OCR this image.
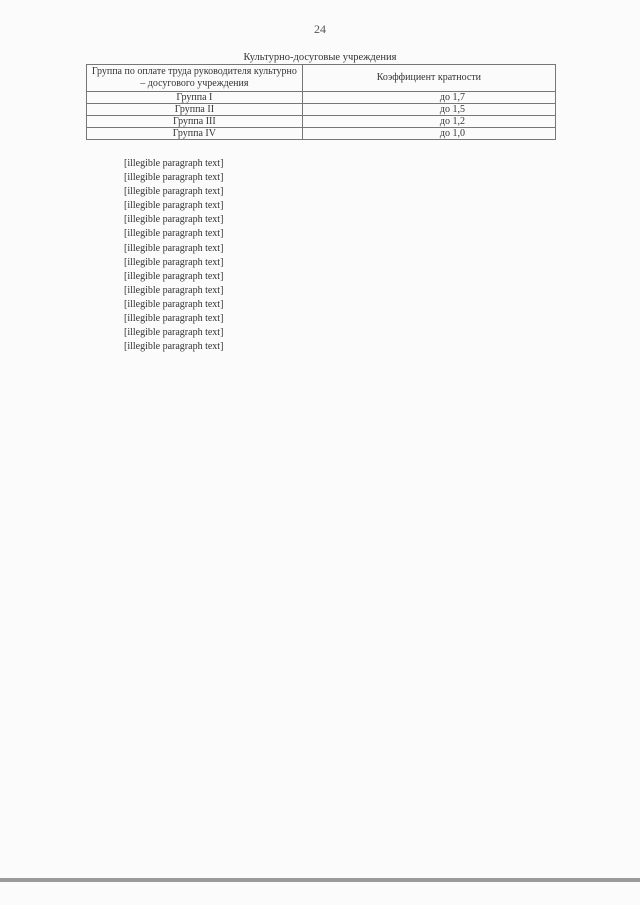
24
Культурно-досуговые учреждения
Группа по оплате труда руководителя культурно – досугового учреждения	Коэффициент кратности
Группа I	до 1,7
Группа II	до 1,5
Группа III	до 1,2
Группа IV	до 1,0

[illegible paragraph text]

[illegible paragraph text]

[illegible paragraph text]

[illegible paragraph text]

[illegible paragraph text]

[illegible paragraph text]

[illegible paragraph text]

[illegible paragraph text]

[illegible paragraph text]

[illegible paragraph text]

[illegible paragraph text]

[illegible paragraph text]

[illegible paragraph text]

[illegible paragraph text]
